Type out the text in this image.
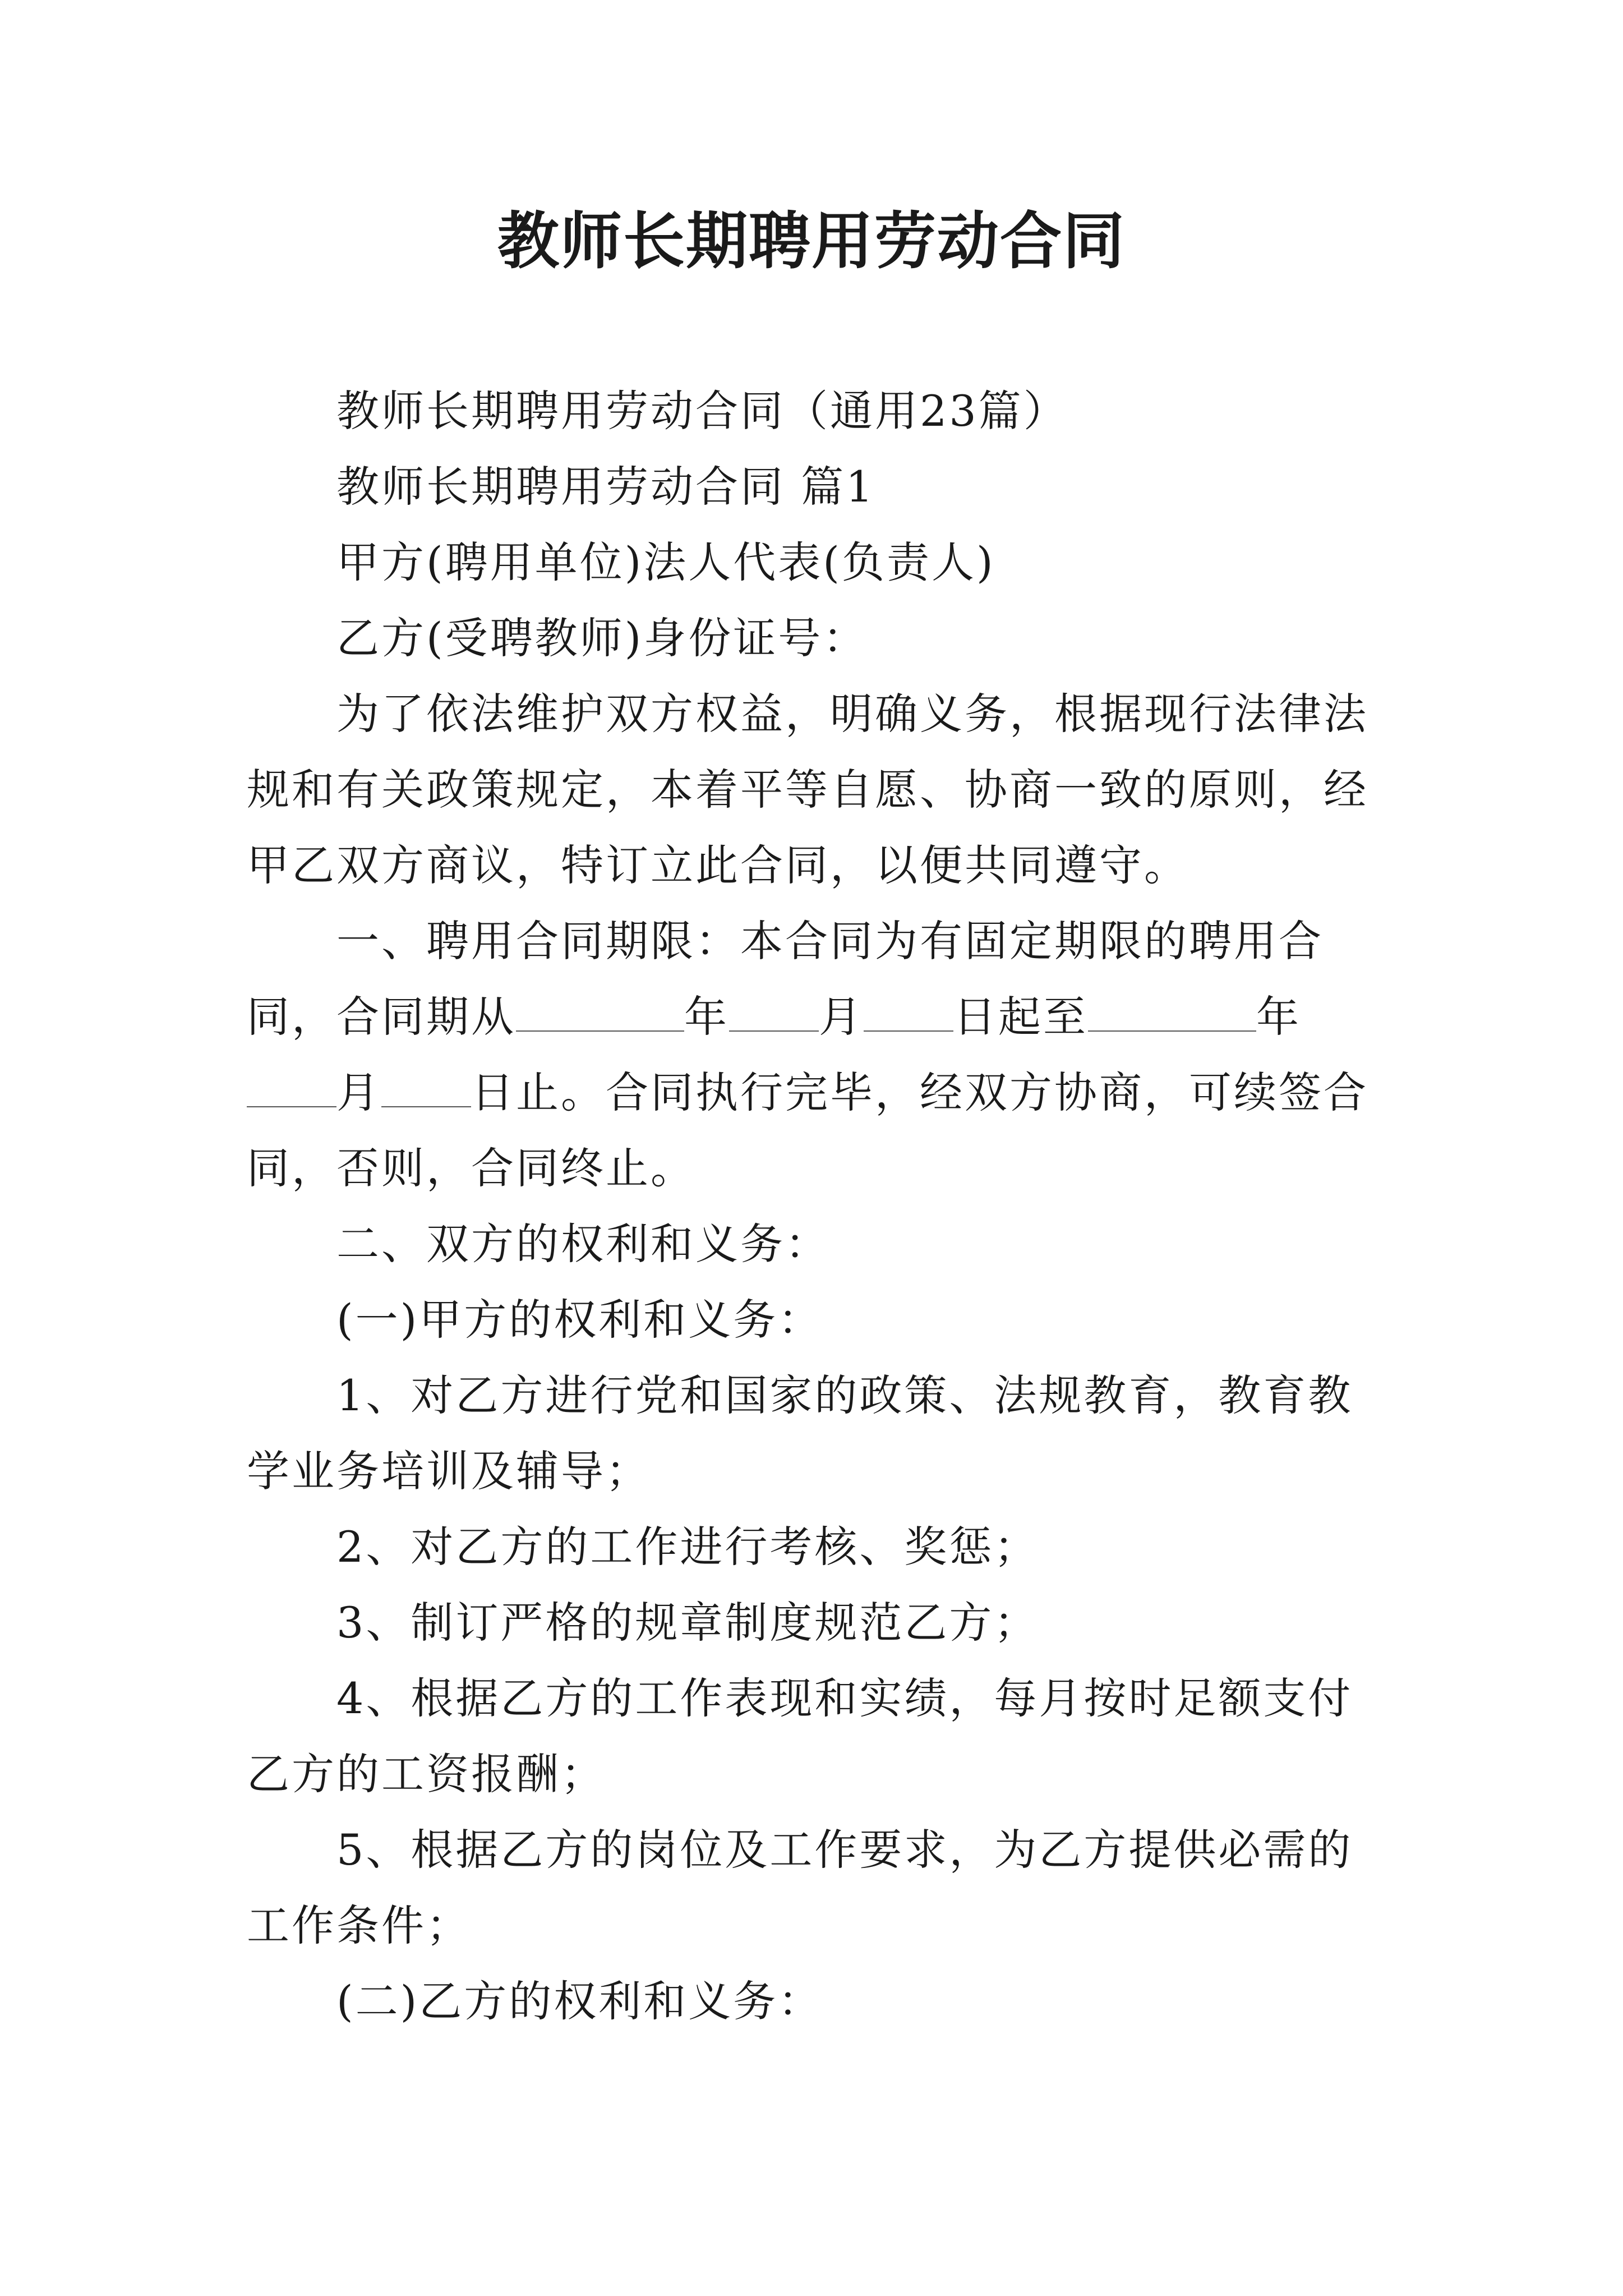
教师长期聘用劳动合同

教师长期聘用劳动合同（通用23篇）

教师长期聘用劳动合同 篇1

甲方(聘用单位)法人代表(负责人)

乙方(受聘教师)身份证号：

为了依法维护双方权益，明确义务，根据现行法律法规和有关政策规定，本着平等自愿、协商一致的原则，经甲乙双方商议，特订立此合同，以便共同遵守。

一、聘用合同期限：本合同为有固定期限的聘用合同，合同期从	年 月 日起至	年月 日止。合同执行完毕，经双方协商，可续签合同，否则，合同终止。

二、双方的权利和义务：

(一)甲方的权利和义务：

1、对乙方进行党和国家的政策、法规教育，教育教学业务培训及辅导；

2、对乙方的工作进行考核、奖惩；

3、制订严格的规章制度规范乙方；

4、根据乙方的工作表现和实绩，每月按时足额支付乙方的工资报酬；

5、根据乙方的岗位及工作要求，为乙方提供必需的工作条件；

(二)乙方的权利和义务：
